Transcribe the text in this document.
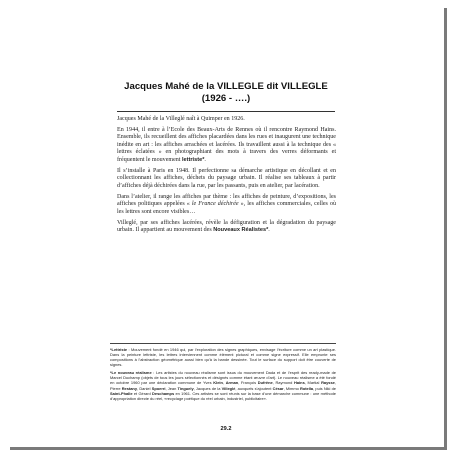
Jacques Mahé de la VILLEGLE dit VILLEGLE
(1926 - ….)

Jacques Mahé de la Villeglé naît à Quimper en 1926.

En 1944, il entre à l’Ecole des Beaux-Arts de Rennes où il rencontre Raymond Hains. Ensemble, ils recueillent des affiches placardées dans les rues et inaugurent une technique inédite en art : les affiches arrachées et lacérées. Ils travaillent aussi à la technique des « lettres éclatées » en photographiant des mots à travers des verres déformants et fréquentent le mouvement lettriste*.

Il s’installe à Paris en 1948. Il perfectionne sa démarche artistique en décollant et en collectionnant les affiches, déchets du paysage urbain. Il réalise ses tableaux à partir d’affiches déjà déchirées dans la rue, par les passants, puis en atelier, par lacération.

Dans l’atelier, il range les affiches par thème : les affiches de peinture, d’expositions, les affiches politiques appelées « le France déchirée », les affiches commerciales, celles où les lettres sont encore visibles…

Villeglé, par ses affiches lacérées, révèle la défiguration et la dégradation du paysage urbain. Il appartient au mouvement des Nouveaux Réalistes*.

*Lettriste : Mouvement fondé en 1946 qui, par l’exploration des signes graphiques, envisage l’écriture comme un art plastique. Dans la peinture lettriste, les lettres interviennent comme élément pictural et comme signe expressif. Elle emprunte ses compositions à l’abstraction géométrique aussi bien qu’à la bande dessinée. Tout le surface du support doit être couverte de signes.

*Le nouveau réalisme : Les artistes du nouveau réalisme sont issus du mouvement Dada et de l’esprit des ready-made de Marcel Duchamp (objets de tous les jours sélectionnés et désignés comme étant œuvre d’art). Le nouveau réalisme a été fondé en octobre 1960 par une déclaration commune de Yves Klein, Arman, François Dufrêne, Raymond Hains, Martial Raysse, Pierre Restany, Daniel Spoerri, Jean Tinguely, Jacques de la Villeglé, auxquels s’ajoutent César, Mimmo Rotella, puis Niki de Saint-Phalle et Gérard Deschamps en 1961. Ces artistes se sont réunis sur la base d’une démarche commune : une méthode d’appropriation directe du réel, «recyclage poétique du réel urbain, industriel, publicitaire».

29.2
